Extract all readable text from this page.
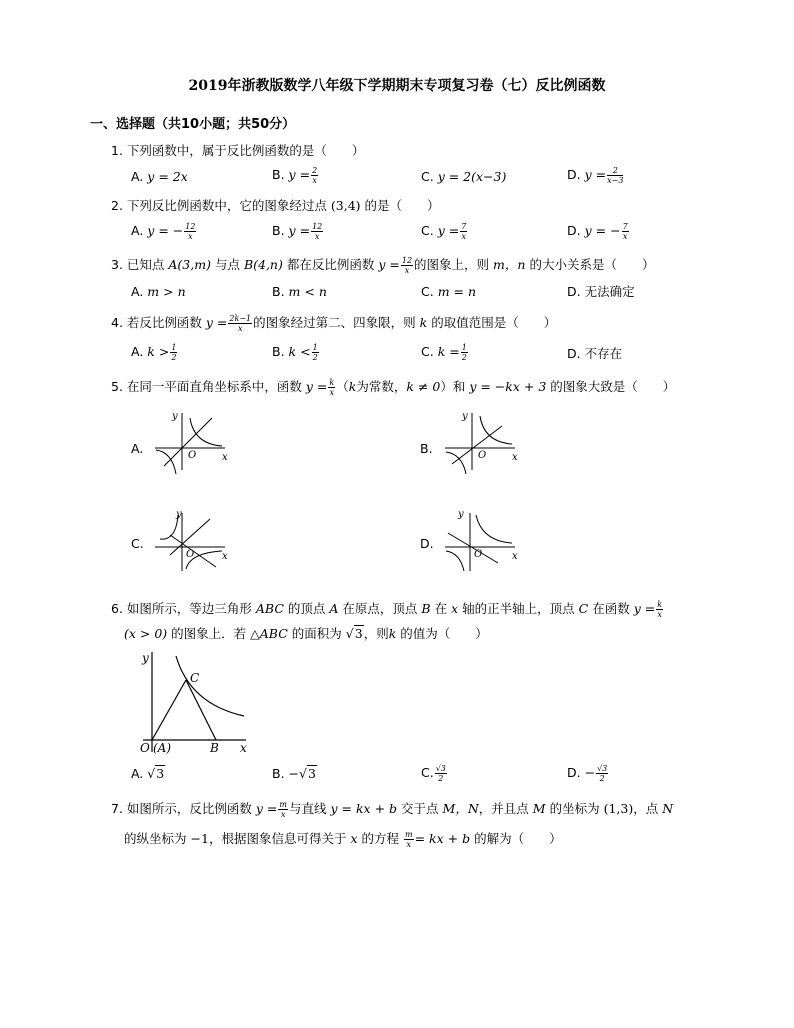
2019年浙教版数学八年级下学期期末专项复习卷（七）反比例函数
一、选择题（共10小题；共50分）
1. 下列函数中，属于反比例函数的是（　　）
A. y = 2x	B. $y = \frac{2}{x}$	C. y = 2(x−3)	D. $y = \frac{2}{x-3}$
2. 下列反比例函数中，它的图象经过点 (3,4) 的是（　　）
A. y = − $\frac{12}{x}$	B. $y = \frac{12}{x}$	C. $y = \frac{7}{x}$	D. y = − $\frac{7}{x}$
3. 已知点 A(3,m) 与点 B(4,n) 都在反比例函数 $y = \frac{12}{x}$ 的图象上，则 m，n 的大小关系是（　　）
A. m > n	B. m < n	C. m = n	D. 无法确定
4. 若反比例函数 $y = \frac{2k-1}{x}$ 的图象经过第二、四象限，则 k 的取值范围是（　　）
A. $k > \frac{1}{2}$	B. $k < \frac{1}{2}$	C. $k = \frac{1}{2}$	D. 不存在
5. 在同一平面直角坐标系中，函数 $y = \frac{k}{x} (k$为常数，k ≠ 0）和 y = −kx + 3 的图象大致是（　　）
A.
y
x
O	B.
y
x
O
C.
y
x
O
D.
y
x
O
6. 如图所示，等边三角形 ABC 的顶点 A 在原点，顶点 B 在 x 轴的正半轴上，顶点 C 在函数 $y = \frac{k}{x}$
(x > 0) 的图象上．若 △ABC 的面积为 √3，则k 的值为（　　）
y
x
C
O (A)	B
A. √3	B. −√3	C. $\frac{√3}{2}$	D. − $\frac{√3}{2}$
7. 如图所示，反比例函数 $y = \frac{m}{x}$ 与直线 y = kx + b 交于点 M，N，并且点 M 的坐标为 (1,3)，点 N
的纵坐标为 −1，根据图象信息可得关于 x 的方程 $\frac{m}{x}$ = kx + b 的解为（　　）
